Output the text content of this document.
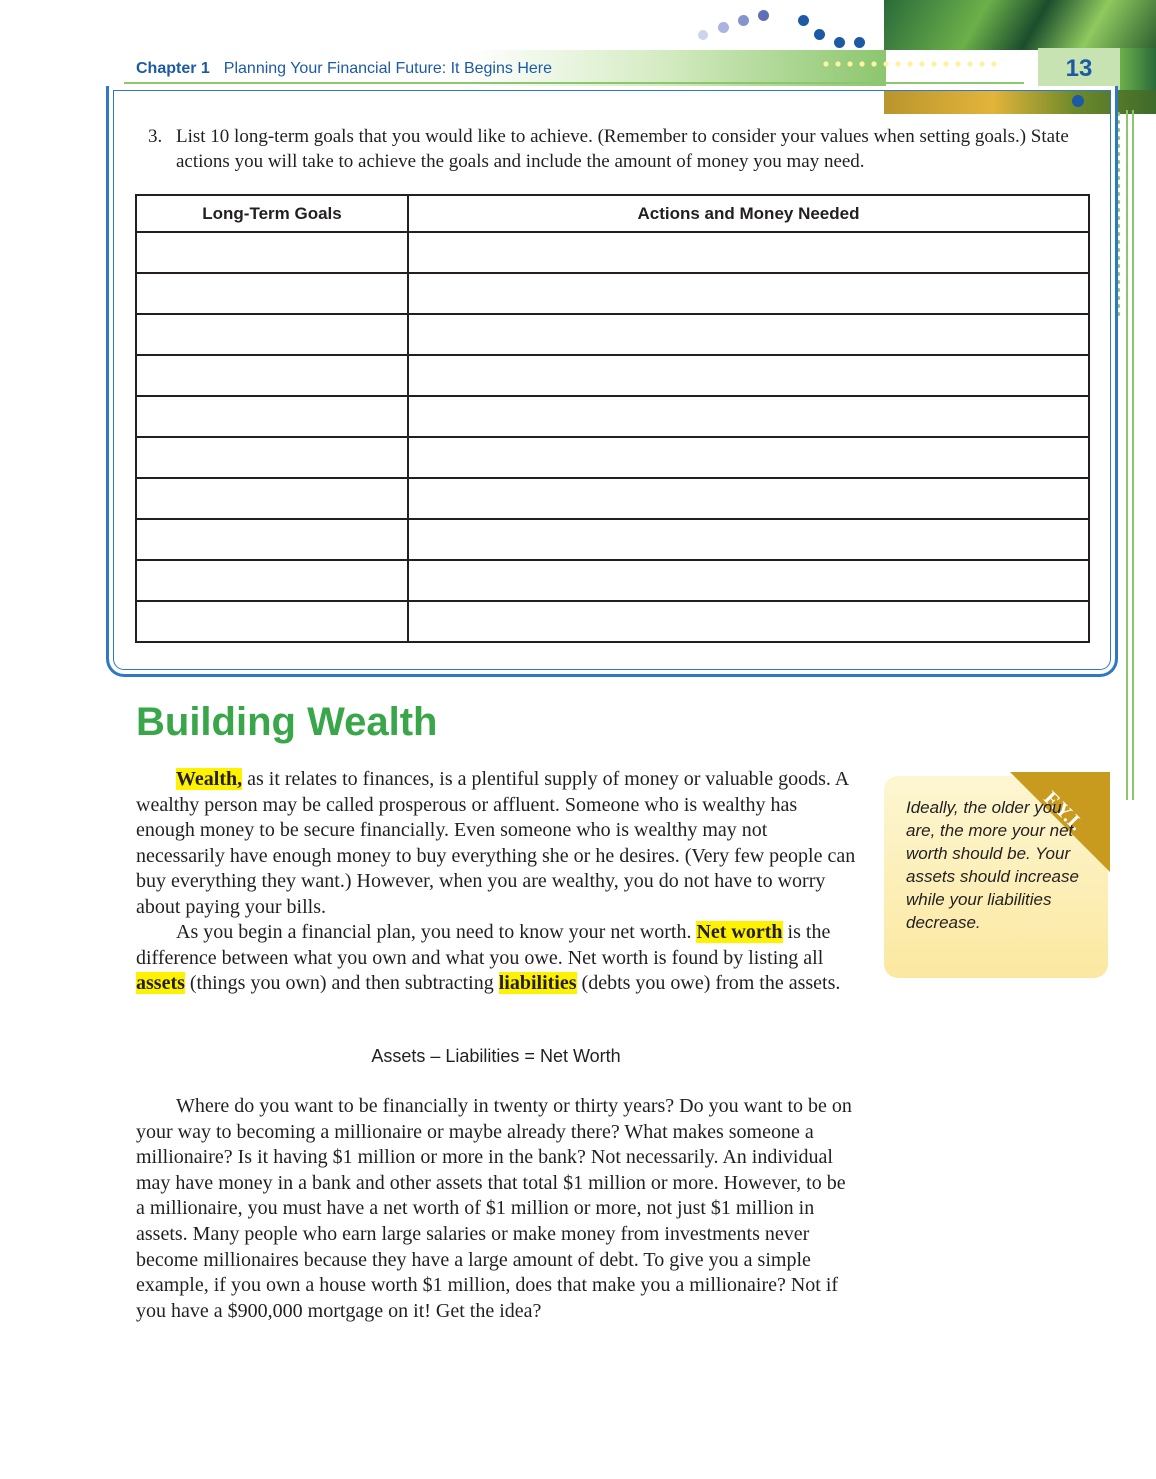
Chapter 1 Planning Your Financial Future: It Begins Here	13
3. List 10 long-term goals that you would like to achieve. (Remember to consider your values when setting goals.) State actions you will take to achieve the goals and include the amount of money you may need.
Long-Term Goals	Actions and Money Needed

Building Wealth

Wealth, as it relates to finances, is a plentiful supply of money or valuable goods. A wealthy person may be called prosperous or affluent. Someone who is wealthy has enough money to be secure financially. Even someone who is wealthy may not necessarily have enough money to buy everything she or he desires. (Very few people can buy everything they want.) However, when you are wealthy, you do not have to worry about paying your bills.

As you begin a financial plan, you need to know your net worth. Net worth is the difference between what you own and what you owe. Net worth is found by listing all assets (things you own) and then subtracting liabilities (debts you owe) from the assets.

Assets – Liabilities = Net Worth

Where do you want to be financially in twenty or thirty years? Do you want to be on your way to becoming a millionaire or maybe already there? What makes someone a millionaire? Is it having $1 million or more in the bank? Not necessarily. An individual may have money in a bank and other assets that total $1 million or more. However, to be a millionaire, you must have a net worth of $1 million or more, not just $1 million in assets. Many people who earn large salaries or make money from investments never become millionaires because they have a large amount of debt. To give you a simple example, if you own a house worth $1 million, does that make you a millionaire? Not if you have a $900,000 mortgage on it! Get the idea?

F.Y.I.
Ideally, the older you are, the more your net worth should be. Your assets should increase while your liabilities decrease.
